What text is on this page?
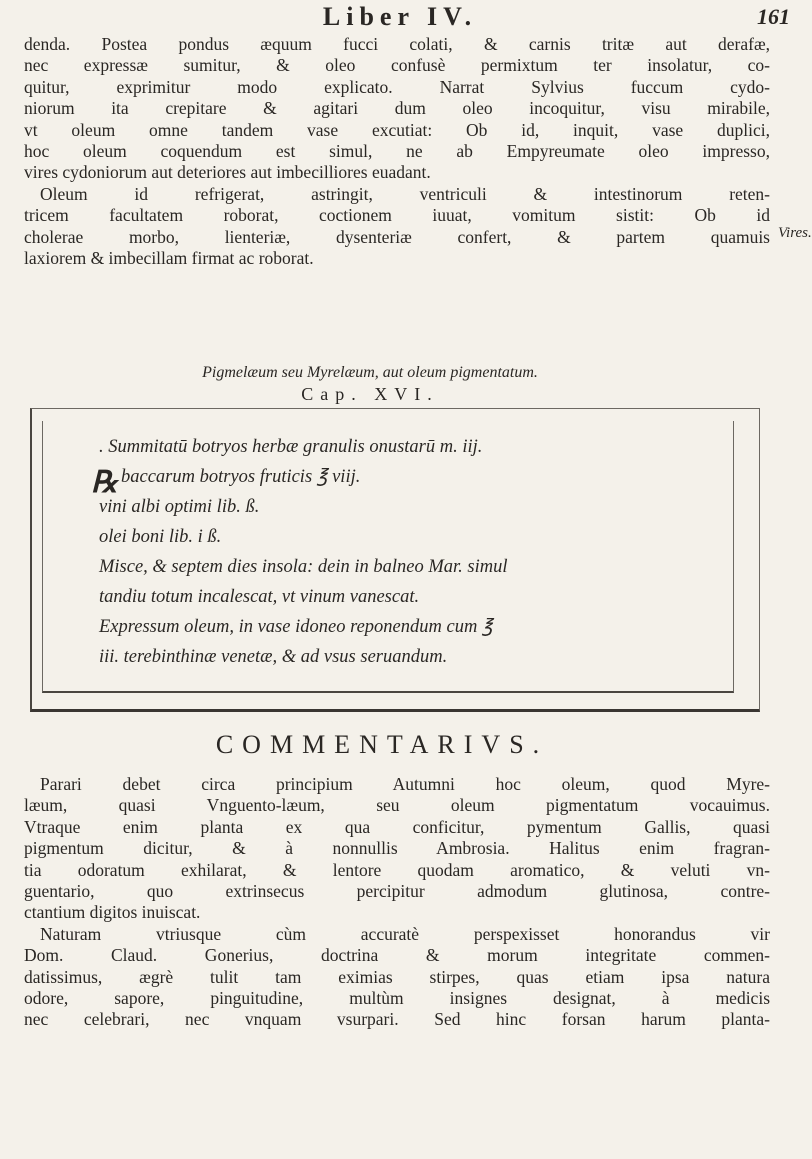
Liber IV.	161
denda. Postea pondus æquum fucci colati, & carnis tritæ aut derafæ,
nec expressæ sumitur, & oleo confusè permixtum ter insolatur, co-
quitur, exprimitur modo explicato. Narrat Sylvius fuccum cydo-
niorum ita crepitare & agitari dum oleo incoquitur, visu mirabile,
vt oleum omne tandem vase excutiat: Ob id, inquit, vase duplici,
hoc oleum coquendum est simul, ne ab Empyreumate oleo impresso,
vires cydoniorum aut deteriores aut imbecilliores euadant.
Oleum id refrigerat, astringit, ventriculi & intestinorum reten-
tricem facultatem roborat, coctionem iuuat, vomitum sistit: Ob id
cholerae morbo, lienteriæ, dysenteriæ confert, & partem quamuis
laxiorem & imbecillam firmat ac roborat.
Vires.
Pigmelæum seu Myrelæum, aut oleum pigmentatum.
Cap. XVI.
℞
. Summitatū botryos herbæ granulis onustarū m. iij.
baccarum botryos fruticis ℥ viij.
vini albi optimi lib. ß.
olei boni lib. i ß.
Misce, & septem dies insola: dein in balneo Mar. simul
tandiu totum incalescat, vt vinum vanescat.
Expressum oleum, in vase idoneo reponendum cum ℥
iii. terebinthinæ venetæ, & ad vsus seruandum.
COMMENTARIVS.
Parari debet circa principium Autumni hoc oleum, quod Myre-
læum, quasi Vnguento-læum, seu oleum pigmentatum vocauimus.
Vtraque enim planta ex qua conficitur, pymentum Gallis, quasi
pigmentum dicitur, & à nonnullis Ambrosia. Halitus enim fragran-
tia odoratum exhilarat, & lentore quodam aromatico, & veluti vn-
guentario, quo extrinsecus percipitur admodum glutinosa, contre-
ctantium digitos inuiscat.
Naturam vtriusque cùm accuratè perspexisset honorandus vir
Dom. Claud. Gonerius, doctrina & morum integritate commen-
datissimus, ægrè tulit tam eximias stirpes, quas etiam ipsa natura
odore, sapore, pinguitudine, multùm insignes designat, à medicis
nec celebrari, nec vnquam vsurpari. Sed hinc forsan harum planta-
